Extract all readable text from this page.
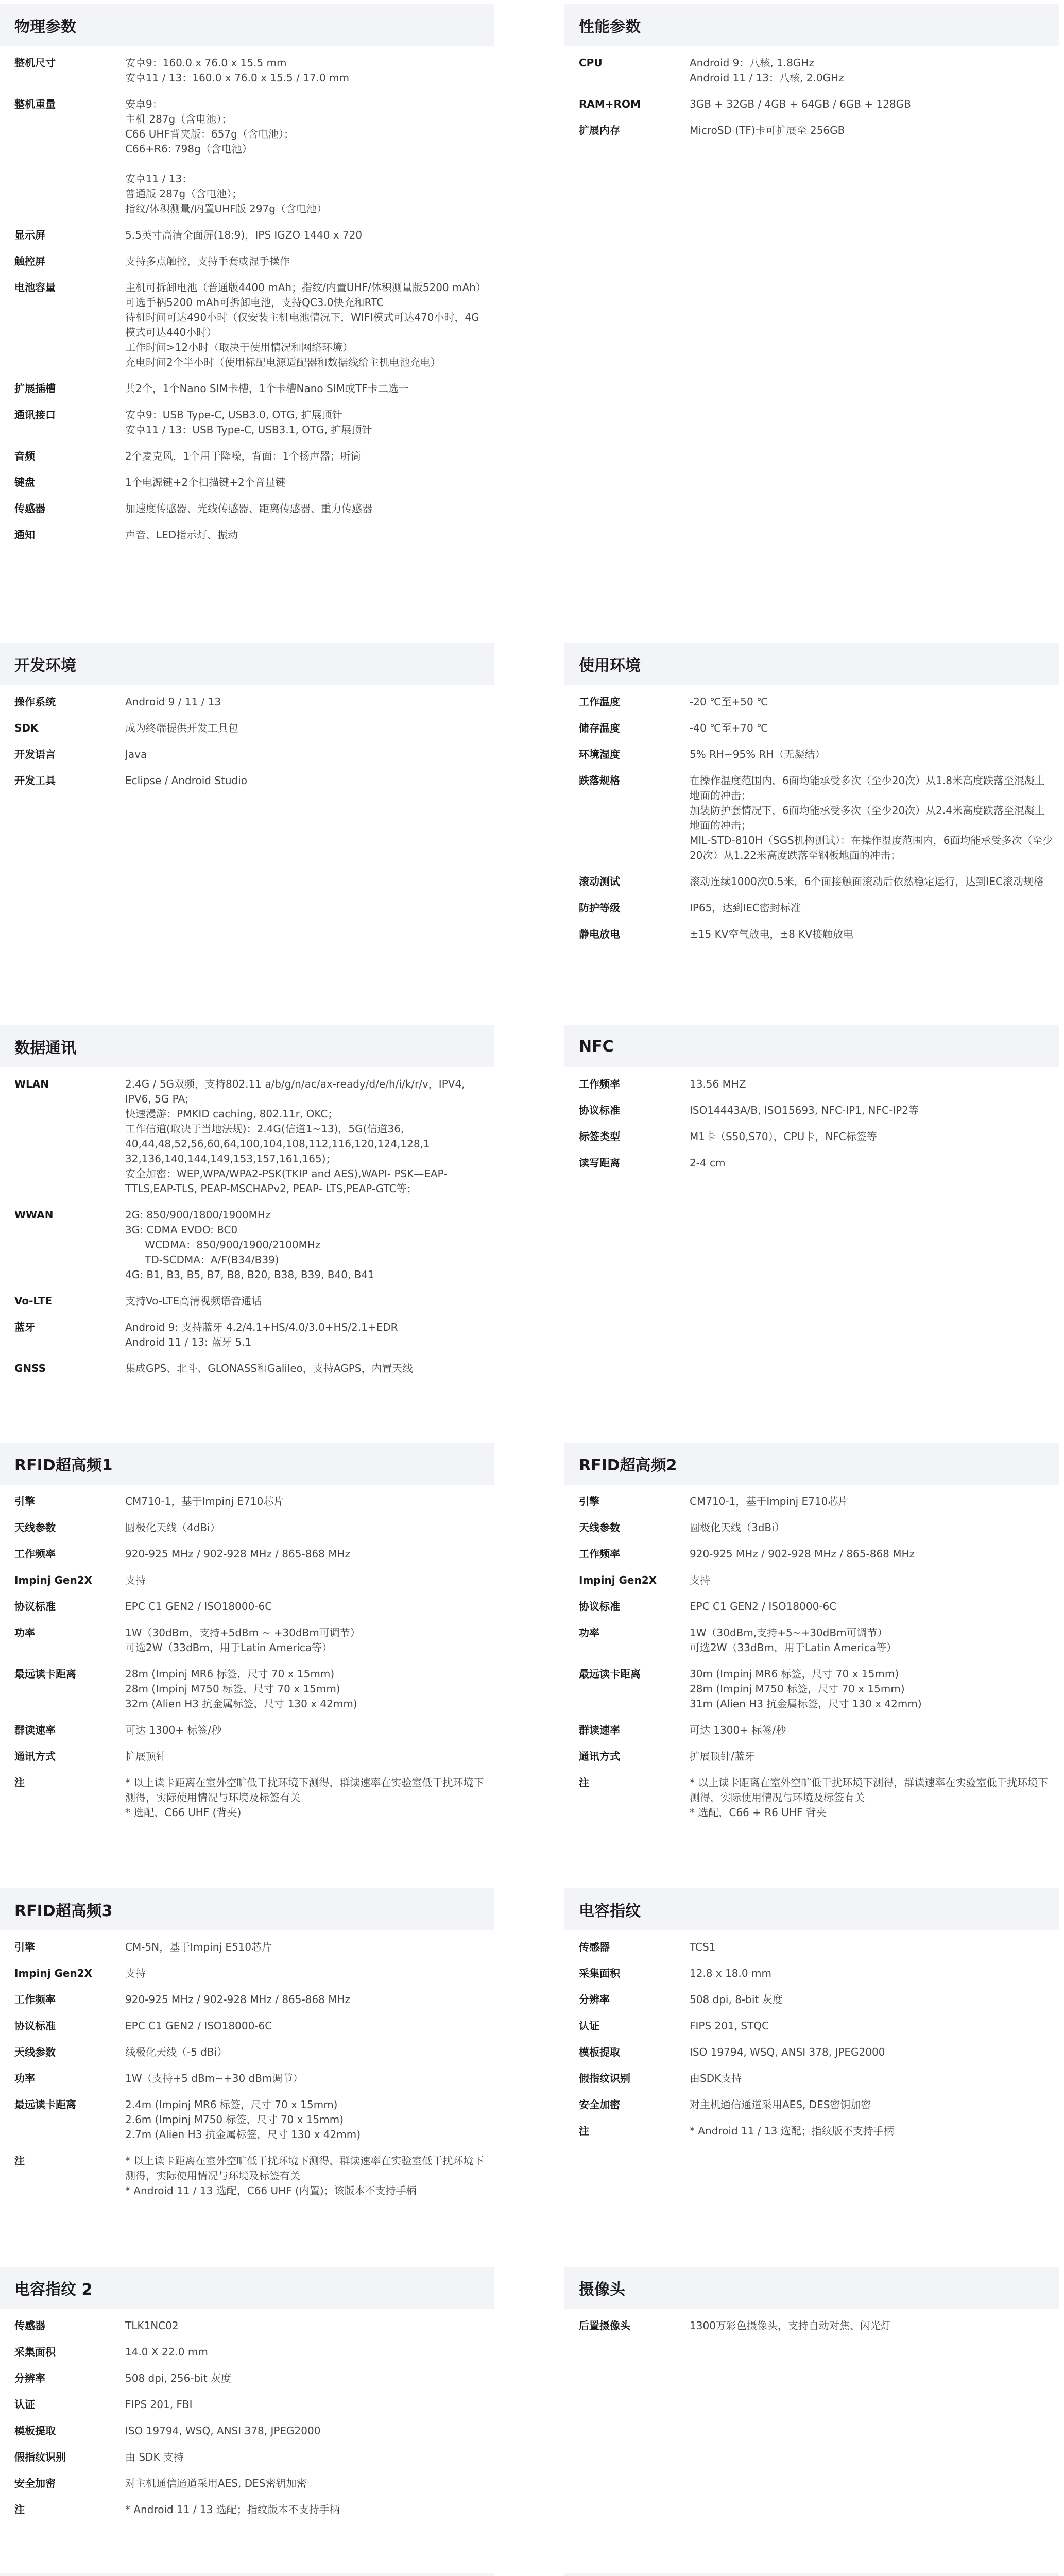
物理参数
整机尺寸	安卓9：160.0 x 76.0 x 15.5 mm
安卓11 / 13：160.0 x 76.0 x 15.5 / 17.0 mm
整机重量	安卓9：
主机 287g（含电池）；
C66 UHF背夹版：657g（含电池）；
C66+R6: 798g（含电池）

安卓11 / 13：
普通版 287g（含电池）；
指纹/体积测量/内置UHF版 297g（含电池）
显示屏	5.5英寸高清全面屏(18:9)，IPS IGZO 1440 x 720
触控屏	支持多点触控，支持手套或湿手操作
电池容量	主机可拆卸电池（普通版4400 mAh；指纹/内置UHF/体积测量版5200 mAh）
可选手柄5200 mAh可拆卸电池，支持QC3.0快充和RTC
待机时间可达490小时（仅安装主机电池情况下，WIFI模式可达470小时，4G模式可达440小时）
工作时间>12小时（取决于使用情况和网络环境）
充电时间2个半小时（使用标配电源适配器和数据线给主机电池充电）
扩展插槽	共2个，1个Nano SIM卡槽，1个卡槽Nano SIM或TF卡二选一
通讯接口	安卓9：USB Type-C, USB3.0, OTG, 扩展顶针
安卓11 / 13：USB Type-C, USB3.1, OTG, 扩展顶针
音频	2个麦克风，1个用于降噪，背面：1个扬声器；听筒
键盘	1个电源键+2个扫描键+2个音量键
传感器	加速度传感器、光线传感器、距离传感器、重力传感器
通知	声音、LED指示灯、振动
性能参数
CPU	Android 9：八核, 1.8GHz
Android 11 / 13：八核, 2.0GHz
RAM+ROM	3GB + 32GB / 4GB + 64GB / 6GB + 128GB
扩展内存	MicroSD (TF)卡可扩展至 256GB
开发环境
操作系统	Android 9 / 11 / 13
SDK	成为终端提供开发工具包
开发语言	Java
开发工具	Eclipse / Android Studio
使用环境
工作温度	-20 ℃至+50 ℃
储存温度	-40 ℃至+70 ℃
环境湿度	5% RH~95% RH（无凝结）
跌落规格	在操作温度范围内，6面均能承受多次（至少20次）从1.8米高度跌落至混凝土地面的冲击；
加装防护套情况下，6面均能承受多次（至少20次）从2.4米高度跌落至混凝土地面的冲击；
MIL-STD-810H（SGS机构测试）：在操作温度范围内，6面均能承受多次（至少20次）从1.22米高度跌落至钢板地面的冲击；
滚动测试	滚动连续1000次0.5米，6个面接触面滚动后依然稳定运行，达到IEC滚动规格
防护等级	IP65，达到IEC密封标准
静电放电	±15 KV空气放电，±8 KV接触放电
数据通讯
WLAN	2.4G / 5G双频，支持802.11 a/b/g/n/ac/ax-ready/d/e/h/i/k/r/v，IPV4, IPV6, 5G PA;
快速漫游：PMKID caching, 802.11r, OKC；
工作信道(取决于当地法规)：2.4G(信道1~13)，5G(信道36, 40,44,48,52,56,60,64,100,104,108,112,116,120,124,128,1 32,136,140,144,149,153,157,161,165)；
安全加密：WEP,WPA/WPA2-PSK(TKIP and AES),WAPI- PSK—EAP-TTLS,EAP-TLS, PEAP-MSCHAPv2, PEAP- LTS,PEAP-GTC等；
WWAN	2G: 850/900/1800/1900MHz
3G: CDMA EVDO: BC0
WCDMA：850/900/1900/2100MHz
TD-SCDMA：A/F(B34/B39)
4G: B1, B3, B5, B7, B8, B20, B38, B39, B40, B41
Vo-LTE	支持Vo-LTE高清视频语音通话
蓝牙	Android 9: 支持蓝牙 4.2/4.1+HS/4.0/3.0+HS/2.1+EDR
Android 11 / 13: 蓝牙 5.1
GNSS	集成GPS、北斗、GLONASS和Galileo，支持AGPS，内置天线
NFC
工作频率	13.56 MHZ
协议标准	ISO14443A/B, ISO15693, NFC-IP1, NFC-IP2等
标签类型	M1卡（S50,S70），CPU卡，NFC标签等
读写距离	2-4 cm
RFID超高频1
引擎	CM710-1，基于Impinj E710芯片
天线参数	圆极化天线（4dBi）
工作频率	920-925 MHz / 902-928 MHz / 865-868 MHz
Impinj Gen2X	支持
协议标准	EPC C1 GEN2 / ISO18000-6C
功率	1W（30dBm，支持+5dBm ~ +30dBm可调节）
可选2W（33dBm，用于Latin America等）
最远读卡距离	28m (Impinj MR6 标签，尺寸 70 x 15mm)
28m (Impinj M750 标签，尺寸 70 x 15mm)
32m (Alien H3 抗金属标签，尺寸 130 x 42mm)
群读速率	可达 1300+ 标签/秒
通讯方式	扩展顶针
注	* 以上读卡距离在室外空旷低干扰环境下测得，群读速率在实验室低干扰环境下测得，实际使用情况与环境及标签有关
* 选配，C66 UHF (背夹)
RFID超高频2
引擎	CM710-1，基于Impinj E710芯片
天线参数	圆极化天线（3dBi）
工作频率	920-925 MHz / 902-928 MHz / 865-868 MHz
Impinj Gen2X	支持
协议标准	EPC C1 GEN2 / ISO18000-6C
功率	1W（30dBm,支持+5~+30dBm可调节）
可选2W（33dBm，用于Latin America等）
最远读卡距离	30m (Impinj MR6 标签，尺寸 70 x 15mm)
28m (Impinj M750 标签，尺寸 70 x 15mm)
31m (Alien H3 抗金属标签，尺寸 130 x 42mm)
群读速率	可达 1300+ 标签/秒
通讯方式	扩展顶针/蓝牙
注	* 以上读卡距离在室外空旷低干扰环境下测得，群读速率在实验室低干扰环境下测得，实际使用情况与环境及标签有关
* 选配，C66 + R6 UHF 背夹
RFID超高频3
引擎	CM-5N，基于Impinj E510芯片
Impinj Gen2X	支持
工作频率	920-925 MHz / 902-928 MHz / 865-868 MHz
协议标准	EPC C1 GEN2 / ISO18000-6C
天线参数	线极化天线（-5 dBi）
功率	1W（支持+5 dBm~+30 dBm调节）
最远读卡距离	2.4m (Impinj MR6 标签，尺寸 70 x 15mm)
2.6m (Impinj M750 标签，尺寸 70 x 15mm)
2.7m (Alien H3 抗金属标签，尺寸 130 x 42mm)
注	* 以上读卡距离在室外空旷低干扰环境下测得，群读速率在实验室低干扰环境下测得，实际使用情况与环境及标签有关
* Android 11 / 13 选配，C66 UHF (内置)；该版本不支持手柄
电容指纹
传感器	TCS1
采集面积	12.8 x 18.0 mm
分辨率	508 dpi, 8-bit 灰度
认证	FIPS 201, STQC
模板提取	ISO 19794, WSQ, ANSI 378, JPEG2000
假指纹识别	由SDK支持
安全加密	对主机通信通道采用AES, DES密钥加密
注	* Android 11 / 13 选配；指纹版不支持手柄
电容指纹 2
传感器	TLK1NC02
采集面积	14.0 X 22.0 mm
分辨率	508 dpi, 256-bit 灰度
认证	FIPS 201, FBI
模板提取	ISO 19794, WSQ, ANSI 378, JPEG2000
假指纹识别	由 SDK 支持
安全加密	对主机通信通道采用AES, DES密钥加密
注	* Android 11 / 13 选配；指纹版本不支持手柄
摄像头
后置摄像头	1300万彩色摄像头，支持自动对焦、闪光灯
